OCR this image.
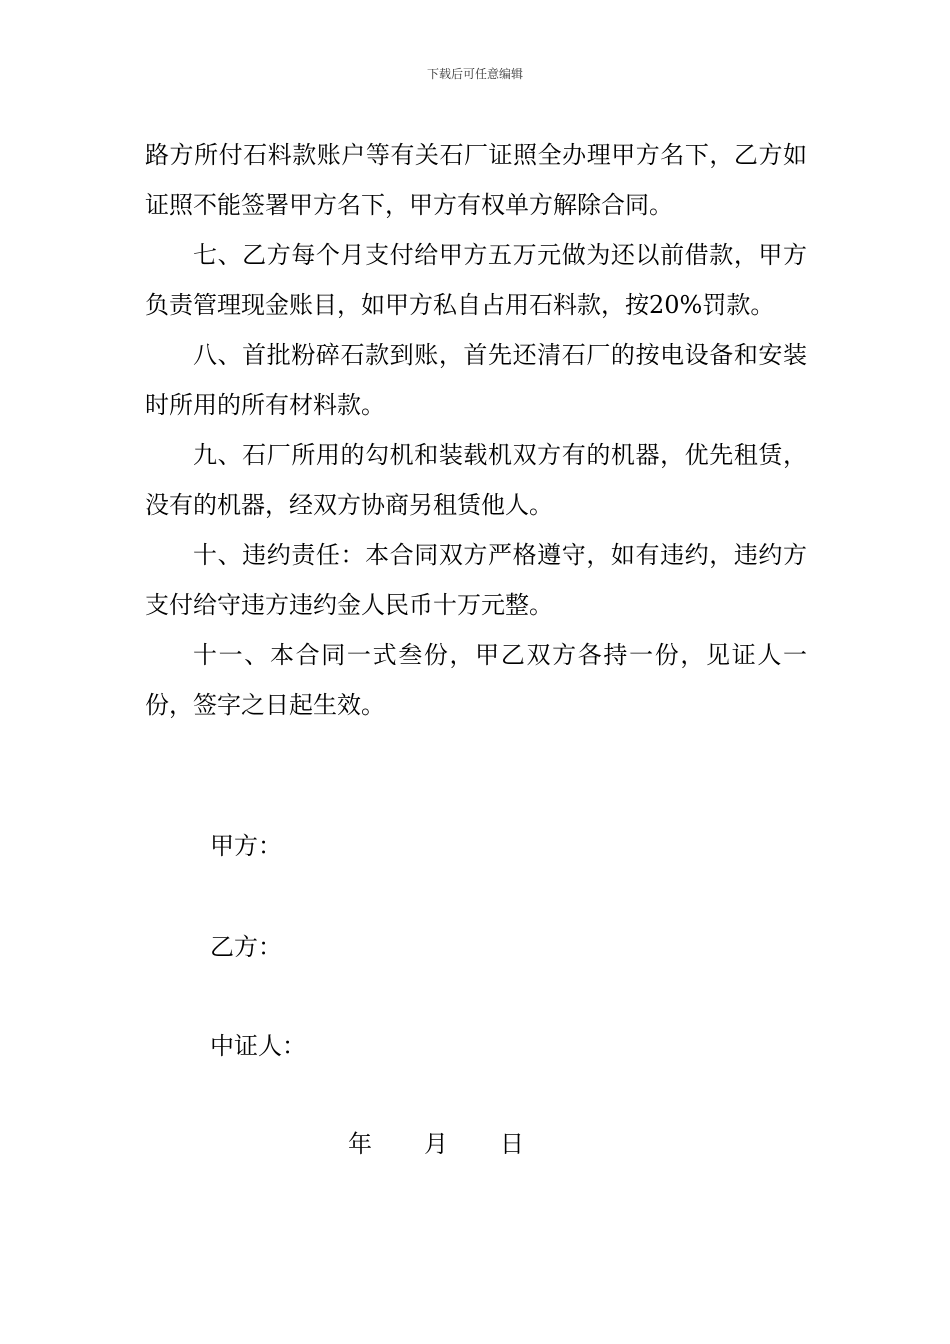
下载后可任意编辑

路方所付石料款账户等有关石厂证照全办理甲方名下，乙方如证照不能签署甲方名下，甲方有权单方解除合同。

七、乙方每个月支付给甲方五万元做为还以前借款，甲方负责管理现金账目，如甲方私自占用石料款，按20%罚款。

八、首批粉碎石款到账，首先还清石厂的按电设备和安装时所用的所有材料款。

九、石厂所用的勾机和装载机双方有的机器，优先租赁，没有的机器，经双方协商另租赁他人。

十、违约责任：本合同双方严格遵守，如有违约，违约方支付给守违方违约金人民币十万元整。

十一、本合同一式叁份，甲乙双方各持一份，见证人一份，签字之日起生效。

甲方：
乙方：
中证人：
年 月 日
